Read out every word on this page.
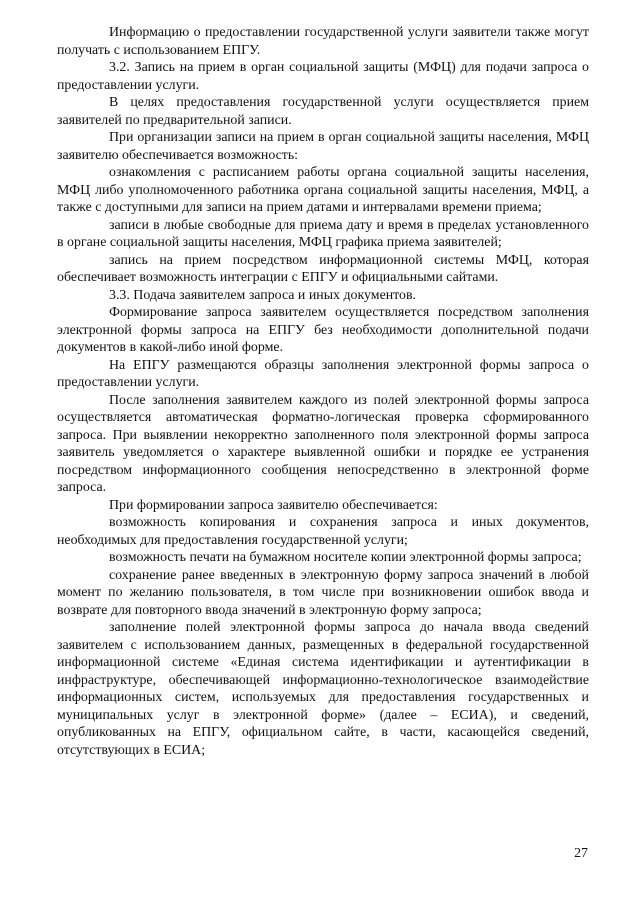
Информацию о предоставлении государственной услуги заявители также могут получать с использованием ЕПГУ.

3.2. Запись на прием в орган социальной защиты (МФЦ) для подачи запроса о предоставлении услуги.

В целях предоставления государственной услуги осуществляется прием заявителей по предварительной записи.

При организации записи на прием в орган социальной защиты населения, МФЦ заявителю обеспечивается возможность:

ознакомления с расписанием работы органа социальной защиты населения, МФЦ либо уполномоченного работника органа социальной защиты населения, МФЦ, а также с доступными для записи на прием датами и интервалами времени приема;

записи в любые свободные для приема дату и время в пределах установленного в органе социальной защиты населения, МФЦ графика приема заявителей;

запись на прием посредством информационной системы МФЦ, которая обеспечивает возможность интеграции с ЕПГУ и официальными сайтами.

3.3. Подача заявителем запроса и иных документов.

Формирование запроса заявителем осуществляется посредством заполнения электронной формы запроса на ЕПГУ без необходимости дополнительной подачи документов в какой-либо иной форме.

На ЕПГУ размещаются образцы заполнения электронной формы запроса о предоставлении услуги.

После заполнения заявителем каждого из полей электронной формы запроса осуществляется автоматическая форматно-логическая проверка сформированного запроса. При выявлении некорректно заполненного поля электронной формы запроса заявитель уведомляется о характере выявленной ошибки и порядке ее устранения посредством информационного сообщения непосредственно в электронной форме запроса.

При формировании запроса заявителю обеспечивается:

возможность копирования и сохранения запроса и иных документов, необходимых для предоставления государственной услуги;

возможность печати на бумажном носителе копии электронной формы запроса;

сохранение ранее введенных в электронную форму запроса значений в любой момент по желанию пользователя, в том числе при возникновении ошибок ввода и возврате для повторного ввода значений в электронную форму запроса;

заполнение полей электронной формы запроса до начала ввода сведений заявителем с использованием данных, размещенных в федеральной государственной информационной системе «Единая система идентификации и аутентификации в инфраструктуре, обеспечивающей информационно-технологическое взаимодействие информационных систем, используемых для предоставления государственных и муниципальных услуг в электронной форме» (далее – ЕСИА), и сведений, опубликованных на ЕПГУ, официальном сайте, в части, касающейся сведений, отсутствующих в ЕСИА;

27
